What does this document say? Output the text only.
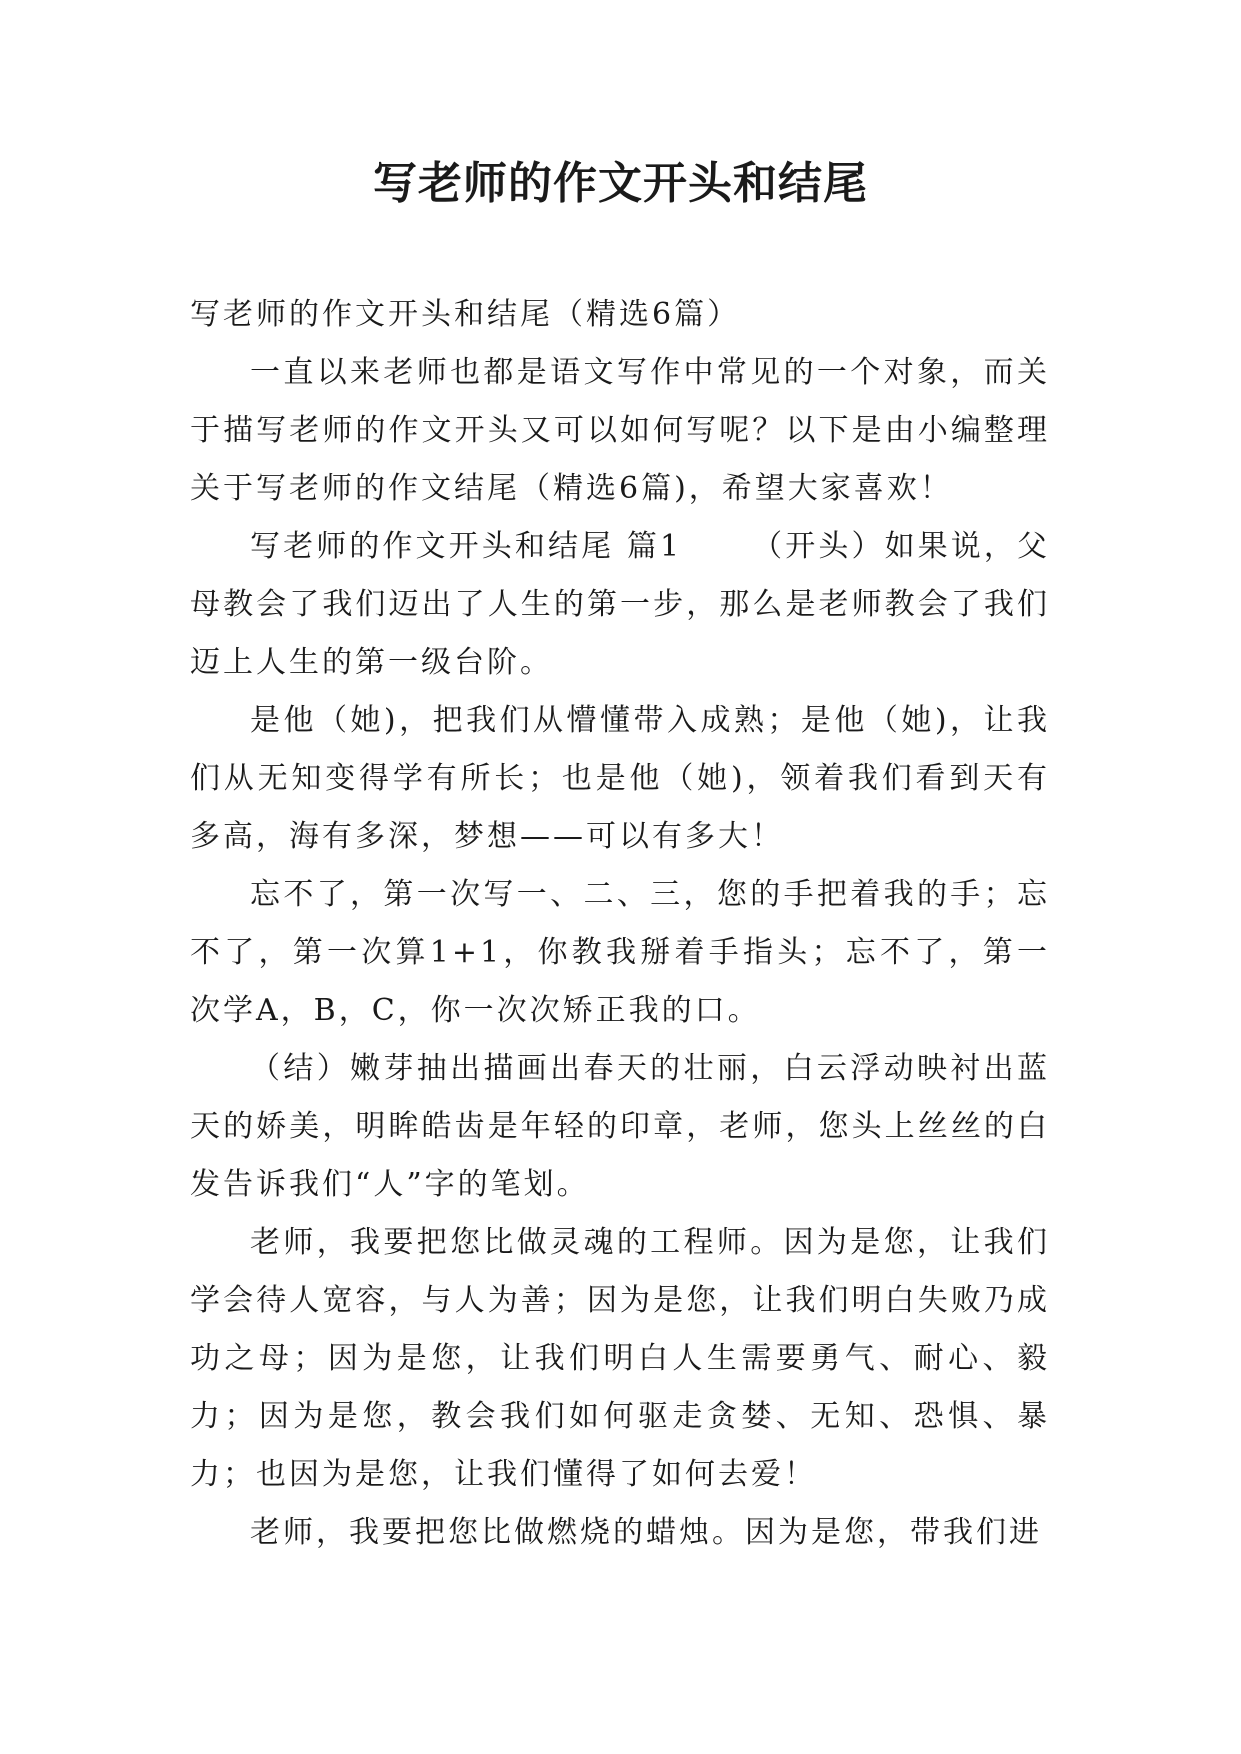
写老师的作文开头和结尾

写老师的作文开头和结尾（精选6篇）

一直以来老师也都是语文写作中常见的一个对象，而关于描写老师的作文开头又可以如何写呢？以下是由小编整理关于写老师的作文结尾（精选6篇)，希望大家喜欢！

写老师的作文开头和结尾 篇1 （开头）如果说，父母教会了我们迈出了人生的第一步，那么是老师教会了我们迈上人生的第一级台阶。

是他（她)，把我们从懵懂带入成熟；是他（她)，让我们从无知变得学有所长；也是他（她)，领着我们看到天有多高，海有多深，梦想——可以有多大！

忘不了，第一次写一、二、三，您的手把着我的手；忘不了，第一次算1+1，你教我掰着手指头；忘不了，第一次学A，B，C，你一次次矫正我的口。

（结）嫩芽抽出描画出春天的壮丽，白云浮动映衬出蓝天的娇美，明眸皓齿是年轻的印章，老师，您头上丝丝的白发告诉我们“人”字的笔划。

老师，我要把您比做灵魂的工程师。因为是您，让我们学会待人宽容，与人为善；因为是您，让我们明白失败乃成功之母；因为是您，让我们明白人生需要勇气、耐心、毅力；因为是您，教会我们如何驱走贪婪、无知、恐惧、暴力；也因为是您，让我们懂得了如何去爱！

老师，我要把您比做燃烧的蜡烛。因为是您，带我们进
